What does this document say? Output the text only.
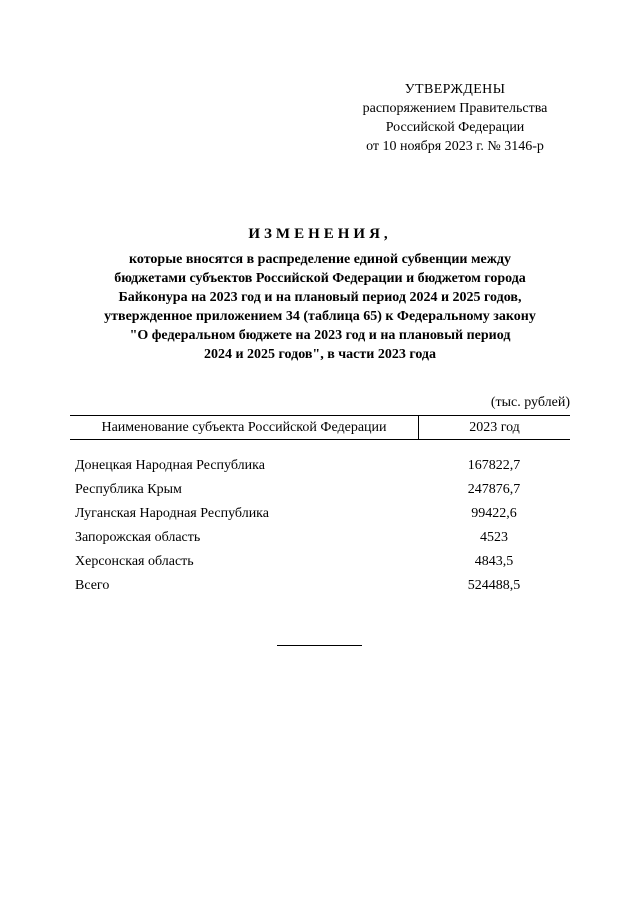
УТВЕРЖДЕНЫ
распоряжением Правительства
Российской Федерации
от 10 ноября 2023 г. № 3146-р
ИЗМЕНЕНИЯ,
которые вносятся в распределение единой субвенции между
бюджетами субъектов Российской Федерации и бюджетом города
Байконура на 2023 год и на плановый период 2024 и 2025 годов,
утвержденное приложением 34 (таблица 65) к Федеральному закону
"О федеральном бюджете на 2023 год и на плановый период
2024 и 2025 годов", в части 2023 года
(тыс. рублей)
Наименование субъекта Российской Федерации	2023 год
Донецкая Народная Республика	167822,7
Республика Крым	247876,7
Луганская Народная Республика	99422,6
Запорожская область	4523
Херсонская область	4843,5
Всего	524488,5
